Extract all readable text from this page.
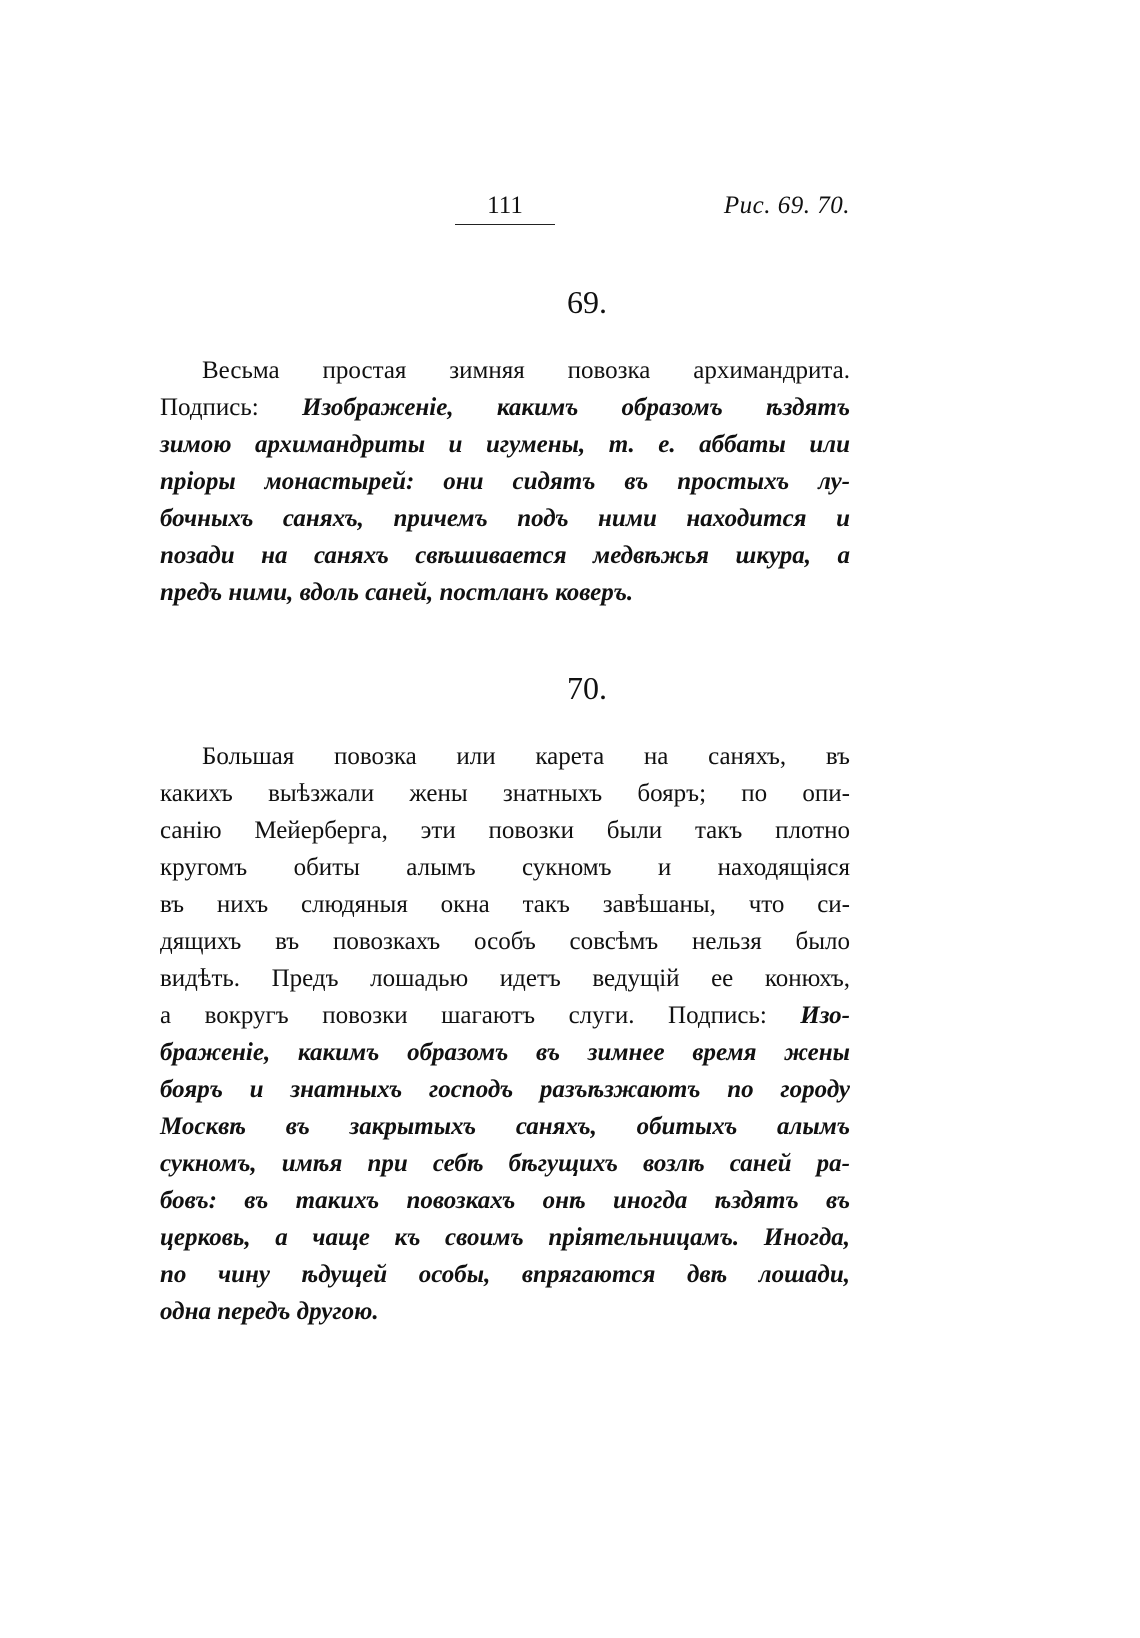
111	Рис. 69. 70.
69.
Весьма простая зимняя повозка архимандрита.
Подпись: Изображеніе, какимъ образомъ ѣздятъ
зимою архимандриты и игумены, т. е. аббаты или
пріоры монастырей: они сидятъ въ простыхъ лу-
бочныхъ саняхъ, причемъ подъ ними находится и
позади на саняхъ свѣшивается медвѣжья шкура, а
предъ ними, вдоль саней, постланъ коверъ.
70.
Большая повозка или карета на саняхъ, въ
какихъ выѣзжали жены знатныхъ бояръ; по опи-
санію Мейерберга, эти повозки были такъ плотно
кругомъ обиты алымъ сукномъ и находящіяся
въ нихъ слюдяныя окна такъ завѣшаны, что си-
дящихъ въ повозкахъ особъ совсѣмъ нельзя было
видѣть. Предъ лошадью идетъ ведущій ее конюхъ,
а вокругъ повозки шагаютъ слуги. Подпись: Изо-
браженіе, какимъ образомъ въ зимнее время жены
бояръ и знатныхъ господъ разъѣзжаютъ по городу
Москвѣ въ закрытыхъ саняхъ, обитыхъ алымъ
сукномъ, имѣя при себѣ бѣгущихъ возлѣ саней ра-
бовъ: въ такихъ повозкахъ онѣ иногда ѣздятъ въ
церковь, а чаще къ своимъ пріятельницамъ. Иногда,
по чину ѣдущей особы, впрягаются двѣ лошади,
одна передъ другою.
